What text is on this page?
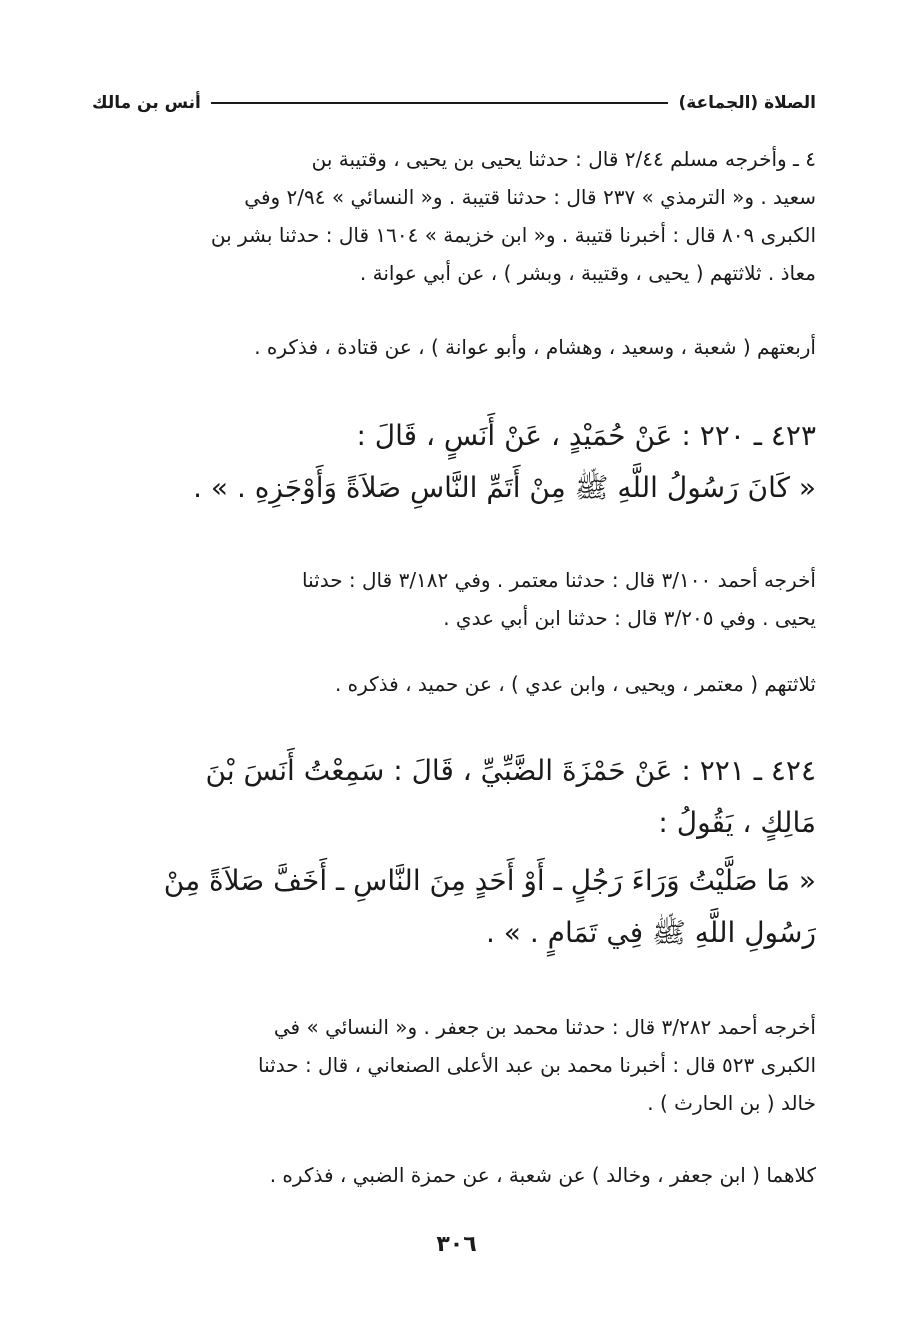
الصلاة (الجماعة)
أنس بن مالك

٤ ـ وأخرجه مسلم ٢/٤٤ قال : حدثنا يحيى بن يحيى ، وقتيبة بن
سعيد . و« الترمذي » ٢٣٧ قال : حدثنا قتيبة . و« النسائي » ٢/٩٤ وفي
الكبرى ٨٠٩ قال : أخبرنا قتيبة . و« ابن خزيمة » ١٦٠٤ قال : حدثنا بشر بن
معاذ . ثلاثتهم ( يحيى ، وقتيبة ، وبشر ) ، عن أبي عوانة .

أربعتهم ( شعبة ، وسعيد ، وهشام ، وأبو عوانة ) ، عن قتادة ، فذكره .

٤٢٣ ـ ٢٢٠ : عَنْ حُمَيْدٍ ، عَنْ أَنَسٍ ، قَالَ :
« كَانَ رَسُولُ اللَّهِ ﷺ مِنْ أَتَمِّ النَّاسِ صَلاَةً وَأَوْجَزِهِ . » .

أخرجه أحمد ٣/١٠٠ قال : حدثنا معتمر . وفي ٣/١٨٢ قال : حدثنا
يحيى . وفي ٣/٢٠٥ قال : حدثنا ابن أبي عدي .

ثلاثتهم ( معتمر ، ويحيى ، وابن عدي ) ، عن حميد ، فذكره .

٤٢٤ ـ ٢٢١ : عَنْ حَمْزَةَ الضَّبِّيِّ ، قَالَ : سَمِعْتُ أَنَسَ بْنَ
مَالِكٍ ، يَقُولُ :

« مَا صَلَّيْتُ وَرَاءَ رَجُلٍ ـ أَوْ أَحَدٍ مِنَ النَّاسِ ـ أَخَفَّ صَلاَةً مِنْ
رَسُولِ اللَّهِ ﷺ فِي تَمَامٍ . » .

أخرجه أحمد ٣/٢٨٢ قال : حدثنا محمد بن جعفر . و« النسائي » في
الكبرى ٥٢٣ قال : أخبرنا محمد بن عبد الأعلى الصنعاني ، قال : حدثنا
خالد ( بن الحارث ) .

كلاهما ( ابن جعفر ، وخالد ) عن شعبة ، عن حمزة الضبي ، فذكره .

٣٠٦
